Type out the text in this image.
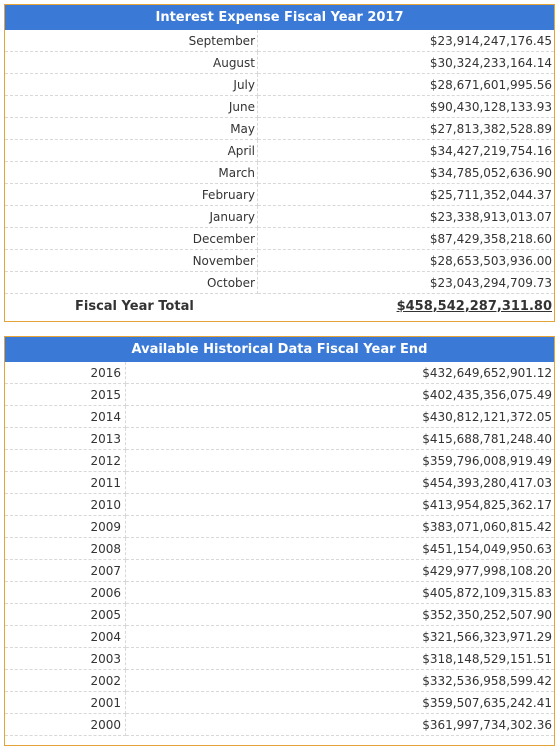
Interest Expense Fiscal Year 2017
September	$23,914,247,176.45
August	$30,324,233,164.14
July	$28,671,601,995.56
June	$90,430,128,133.93
May	$27,813,382,528.89
April	$34,427,219,754.16
March	$34,785,052,636.90
February	$25,711,352,044.37
January	$23,338,913,013.07
December	$87,429,358,218.60
November	$28,653,503,936.00
October	$23,043,294,709.73
Fiscal Year Total	$458,542,287,311.80
Available Historical Data Fiscal Year End
2016	$432,649,652,901.12
2015	$402,435,356,075.49
2014	$430,812,121,372.05
2013	$415,688,781,248.40
2012	$359,796,008,919.49
2011	$454,393,280,417.03
2010	$413,954,825,362.17
2009	$383,071,060,815.42
2008	$451,154,049,950.63
2007	$429,977,998,108.20
2006	$405,872,109,315.83
2005	$352,350,252,507.90
2004	$321,566,323,971.29
2003	$318,148,529,151.51
2002	$332,536,958,599.42
2001	$359,507,635,242.41
2000	$361,997,734,302.36
